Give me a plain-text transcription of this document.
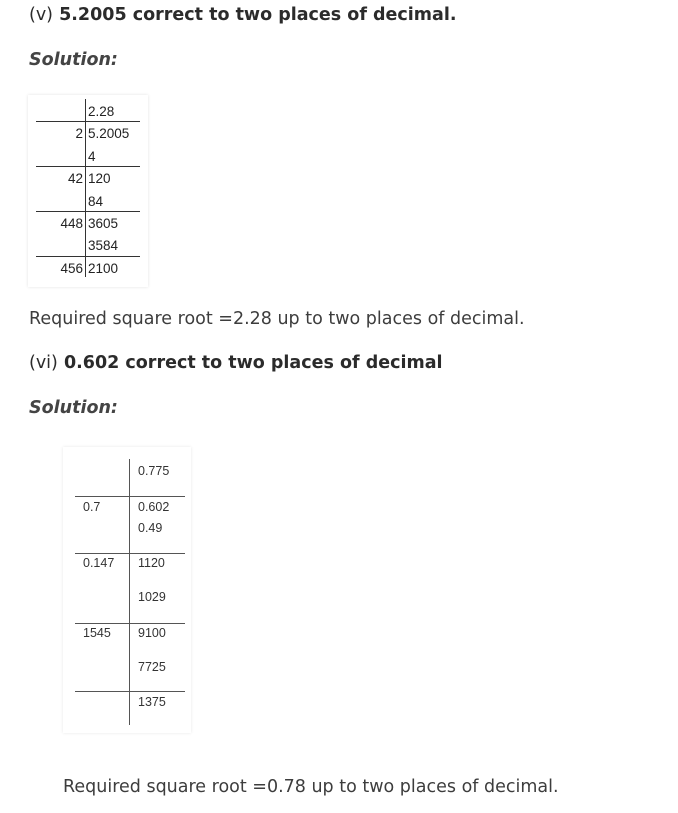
(v) 5.2005 correct to two places of decimal.
Solution:
2.28
2 5.2005
4
42 120
84
448 3605
3584
456 2100
Required square root =2.28 up to two places of decimal.
(vi) 0.602 correct to two places of decimal
Solution:
0.775
0.7	0.602
0.49
0.147 1120
1029
1545 9100
7725
1375
Required square root =0.78 up to two places of decimal.
